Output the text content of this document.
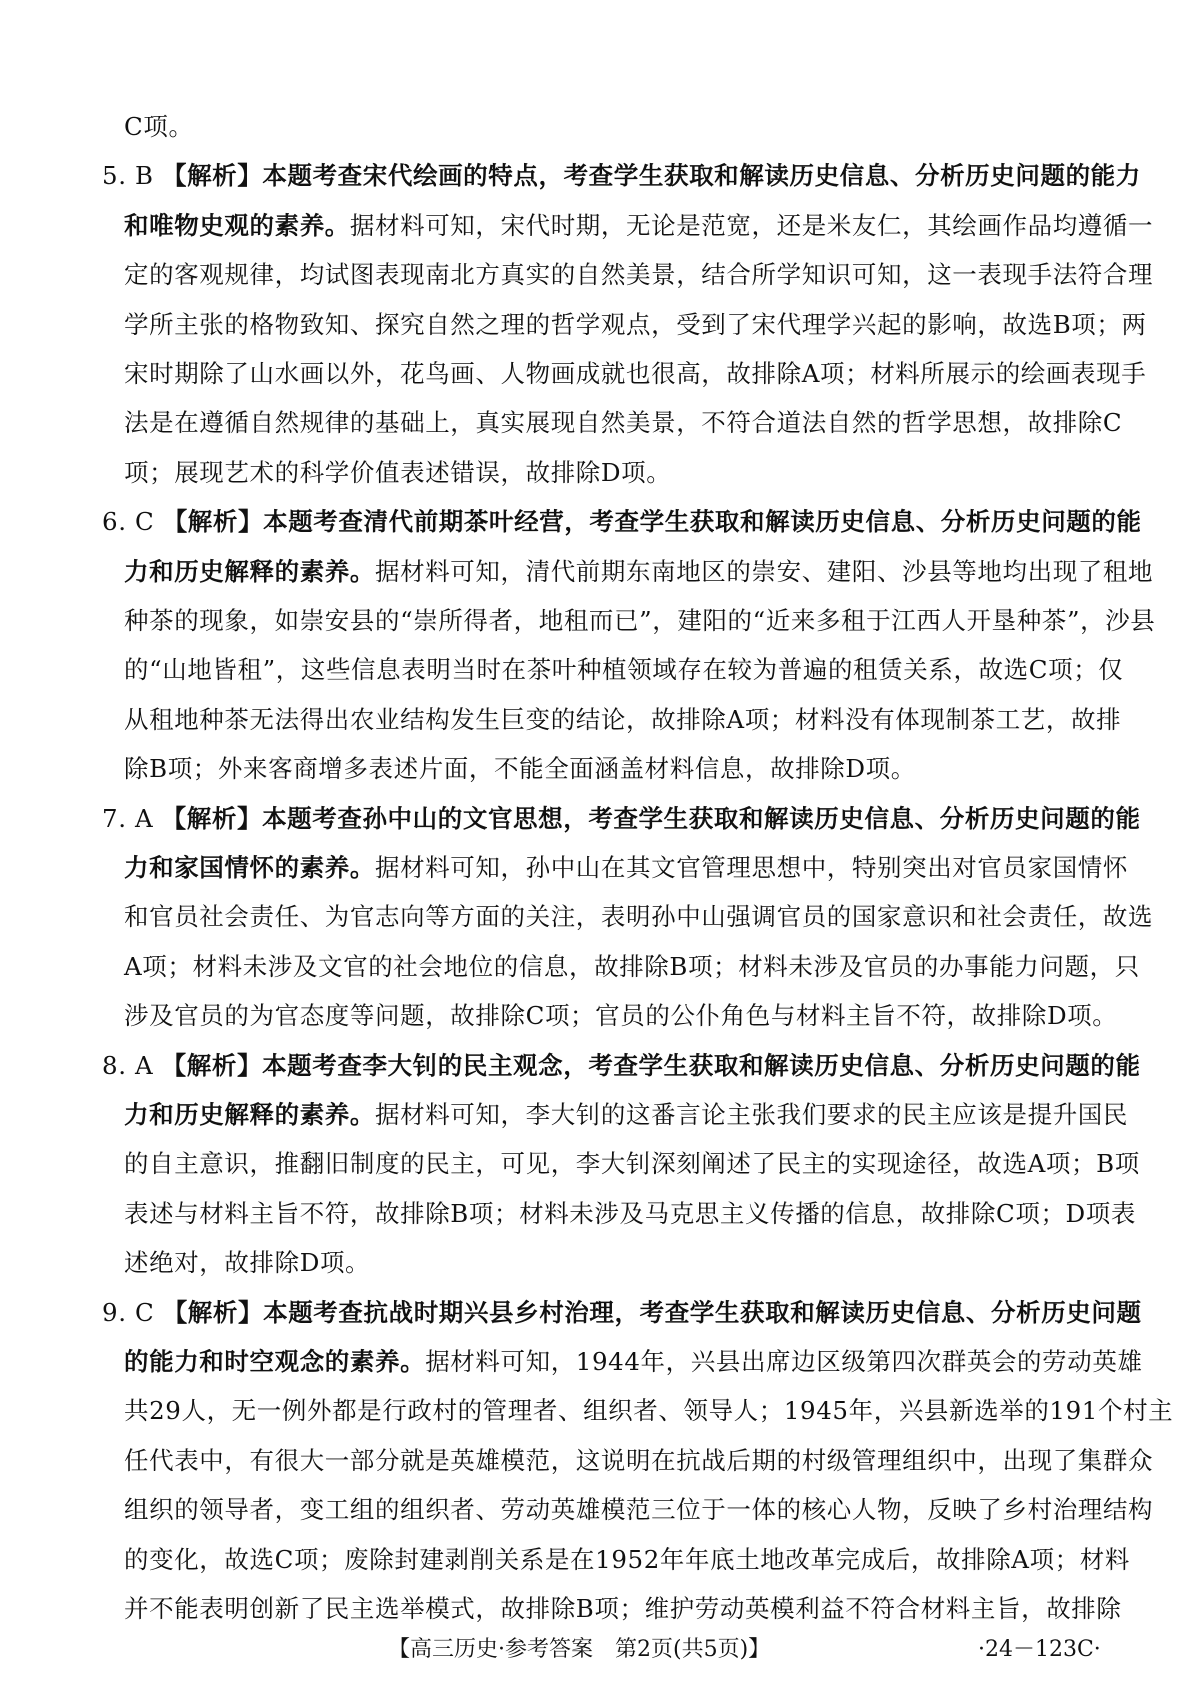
C项。
5. B 【解析】本题考查宋代绘画的特点，考查学生获取和解读历史信息、分析历史问题的能力
和唯物史观的素养。据材料可知，宋代时期，无论是范宽，还是米友仁，其绘画作品均遵循一
定的客观规律，均试图表现南北方真实的自然美景，结合所学知识可知，这一表现手法符合理
学所主张的格物致知、探究自然之理的哲学观点，受到了宋代理学兴起的影响，故选B项；两
宋时期除了山水画以外，花鸟画、人物画成就也很高，故排除A项；材料所展示的绘画表现手
法是在遵循自然规律的基础上，真实展现自然美景，不符合道法自然的哲学思想，故排除C
项；展现艺术的科学价值表述错误，故排除D项。
6. C 【解析】本题考查清代前期茶叶经营，考查学生获取和解读历史信息、分析历史问题的能
力和历史解释的素养。据材料可知，清代前期东南地区的崇安、建阳、沙县等地均出现了租地
种茶的现象，如崇安县的“崇所得者，地租而已”，建阳的“近来多租于江西人开垦种茶”，沙县
的“山地皆租”，这些信息表明当时在茶叶种植领域存在较为普遍的租赁关系，故选C项；仅
从租地种茶无法得出农业结构发生巨变的结论，故排除A项；材料没有体现制茶工艺，故排
除B项；外来客商增多表述片面，不能全面涵盖材料信息，故排除D项。
7. A 【解析】本题考查孙中山的文官思想，考查学生获取和解读历史信息、分析历史问题的能
力和家国情怀的素养。据材料可知，孙中山在其文官管理思想中，特别突出对官员家国情怀
和官员社会责任、为官志向等方面的关注，表明孙中山强调官员的国家意识和社会责任，故选
A项；材料未涉及文官的社会地位的信息，故排除B项；材料未涉及官员的办事能力问题，只
涉及官员的为官态度等问题，故排除C项；官员的公仆角色与材料主旨不符，故排除D项。
8. A 【解析】本题考查李大钊的民主观念，考查学生获取和解读历史信息、分析历史问题的能
力和历史解释的素养。据材料可知，李大钊的这番言论主张我们要求的民主应该是提升国民
的自主意识，推翻旧制度的民主，可见，李大钊深刻阐述了民主的实现途径，故选A项；B项
表述与材料主旨不符，故排除B项；材料未涉及马克思主义传播的信息，故排除C项；D项表
述绝对，故排除D项。
9. C 【解析】本题考查抗战时期兴县乡村治理，考查学生获取和解读历史信息、分析历史问题
的能力和时空观念的素养。据材料可知，1944年，兴县出席边区级第四次群英会的劳动英雄
共29人，无一例外都是行政村的管理者、组织者、领导人；1945年，兴县新选举的191个村主
任代表中，有很大一部分就是英雄模范，这说明在抗战后期的村级管理组织中，出现了集群众
组织的领导者，变工组的组织者、劳动英雄模范三位于一体的核心人物，反映了乡村治理结构
的变化，故选C项；废除封建剥削关系是在1952年年底土地改革完成后，故排除A项；材料
并不能表明创新了民主选举模式，故排除B项；维护劳动英模利益不符合材料主旨，故排除
【高三历史·参考答案　第2页(共5页)】	·24－123C·
